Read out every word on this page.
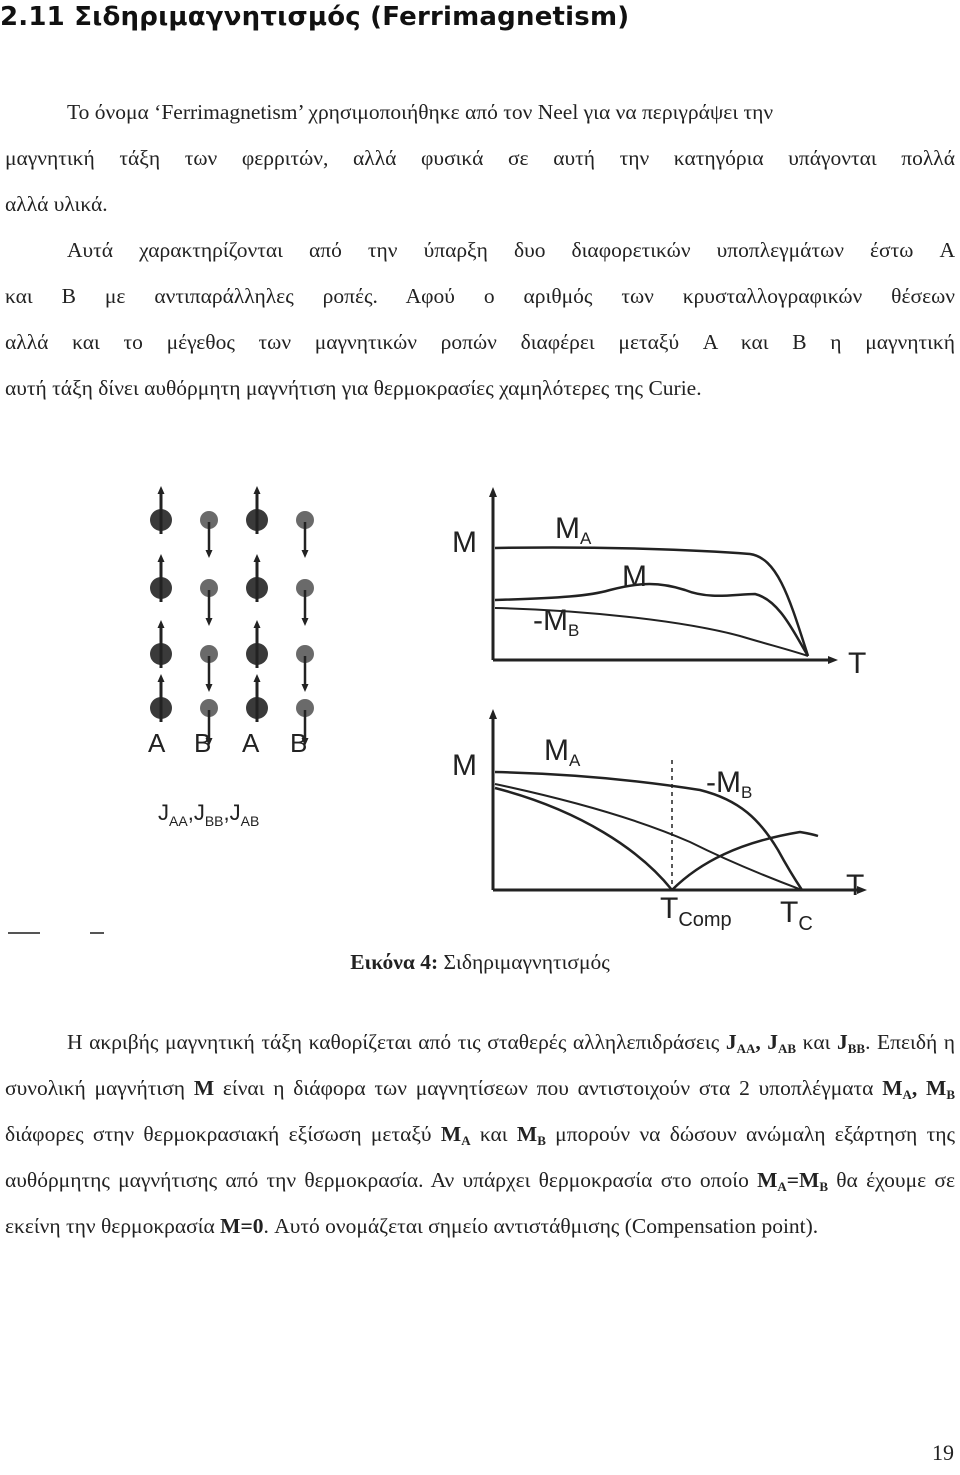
2.11 Σιδηριμαγνητισμός (Ferrimagnetism)
Το όνομα ‘Ferrimagnetism’ χρησιμοποιήθηκε από τον Neel για να περιγράψει την
μαγνητική τάξη των φερριτών, αλλά φυσικά σε αυτή την κατηγόρια υπάγονται πολλά
αλλά υλικά.
Αυτά χαρακτηρίζονται από την ύπαρξη δυο διαφορετικών υποπλεγμάτων έστω A
και B με αντιπαράλληλες ροπές. Αφού ο αριθμός των κρυσταλλογραφικών θέσεων
αλλά και το μέγεθος των μαγνητικών ροπών διαφέρει μεταξύ A και B η μαγνητική
αυτή τάξη δίνει αυθόρμητη μαγνήτιση για θερμοκρασίες χαμηλότερες της Curie.
A B A B
$J_{AA},J_{BB},J_{AB}$
M
T
$M_A$
M
$-M_B$
M
T
$M_A$
$-M_B$
$T_{Comp}$ $T_C$
Εικόνα 4: Σιδηριμαγνητισμός
Η ακριβής μαγνητική τάξη καθορίζεται από τις σταθερές αλληλεπιδράσεις $J_{AA}$, $J_{AB}$ και $J_{BB}$. Επειδή η συνολική μαγνήτιση M είναι η διάφορα των μαγνητίσεων που αντιστοιχούν στα 2 υποπλέγματα $M_A$, $M_B$ διάφορες στην θερμοκρασιακή εξίσωση μεταξύ $M_A$ και $M_B$ μπορούν να δώσουν ανώμαλη εξάρτηση της αυθόρμητης μαγνήτισης από την θερμοκρασία. Αν υπάρχει θερμοκρασία στο οποίο $M_A=M_B$ θα έχουμε σε εκείνη την θερμοκρασία M=0. Αυτό ονομάζεται σημείο αντιστάθμισης (Compensation point).
19
